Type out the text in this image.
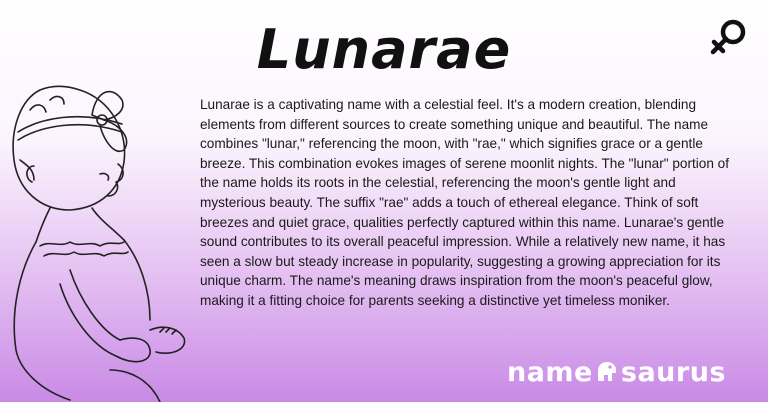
Lunarae
Lunarae is a captivating name with a celestial feel. It's a modern creation, blending elements from different sources to create something unique and beautiful. The name combines "lunar," referencing the moon, with "rae," which signifies grace or a gentle breeze. This combination evokes images of serene moonlit nights. The "lunar" portion of the name holds its roots in the celestial, referencing the moon's gentle light and mysterious beauty. The suffix "rae" adds a touch of ethereal elegance. Think of soft breezes and quiet grace, qualities perfectly captured within this name. Lunarae's gentle sound contributes to its overall peaceful impression. While a relatively new name, it has seen a slow but steady increase in popularity, suggesting a growing appreciation for its unique charm. The name's meaning draws inspiration from the moon's peaceful glow, making it a fitting choice for parents seeking a distinctive yet timeless moniker.
name saurus
